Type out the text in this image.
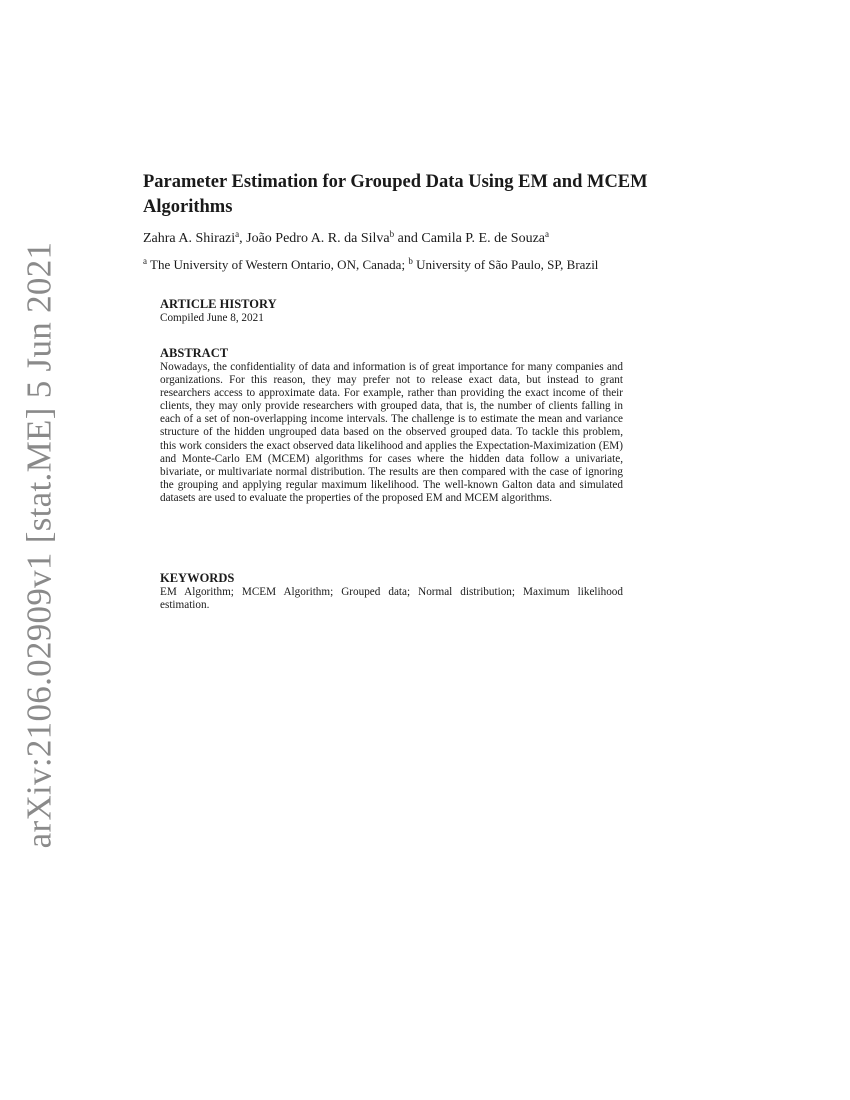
arXiv:2106.02909v1 [stat.ME] 5 Jun 2021
Parameter Estimation for Grouped Data Using EM and MCEM Algorithms
Zahra A. Shirazi$^a$, João Pedro A. R. da Silva$^b$ and Camila P. E. de Souza$^a$
$^a$ The University of Western Ontario, ON, Canada; $^b$ University of São Paulo, SP, Brazil
ARTICLE HISTORY

Compiled June 8, 2021

ABSTRACT

Nowadays, the confidentiality of data and information is of great importance for many companies and organizations. For this reason, they may prefer not to release exact data, but instead to grant researchers access to approximate data. For example, rather than providing the exact income of their clients, they may only provide researchers with grouped data, that is, the number of clients falling in each of a set of non-overlapping income intervals. The challenge is to estimate the mean and variance structure of the hidden ungrouped data based on the observed grouped data. To tackle this problem, this work considers the exact observed data likelihood and applies the Expectation-Maximization (EM) and Monte-Carlo EM (MCEM) algorithms for cases where the hidden data follow a univariate, bivariate, or multivariate normal distribution. The results are then compared with the case of ignoring the grouping and applying regular maximum likelihood. The well-known Galton data and simulated datasets are used to evaluate the properties of the proposed EM and MCEM algorithms.

KEYWORDS

EM Algorithm; MCEM Algorithm; Grouped data; Normal distribution; Maximum likelihood estimation.
